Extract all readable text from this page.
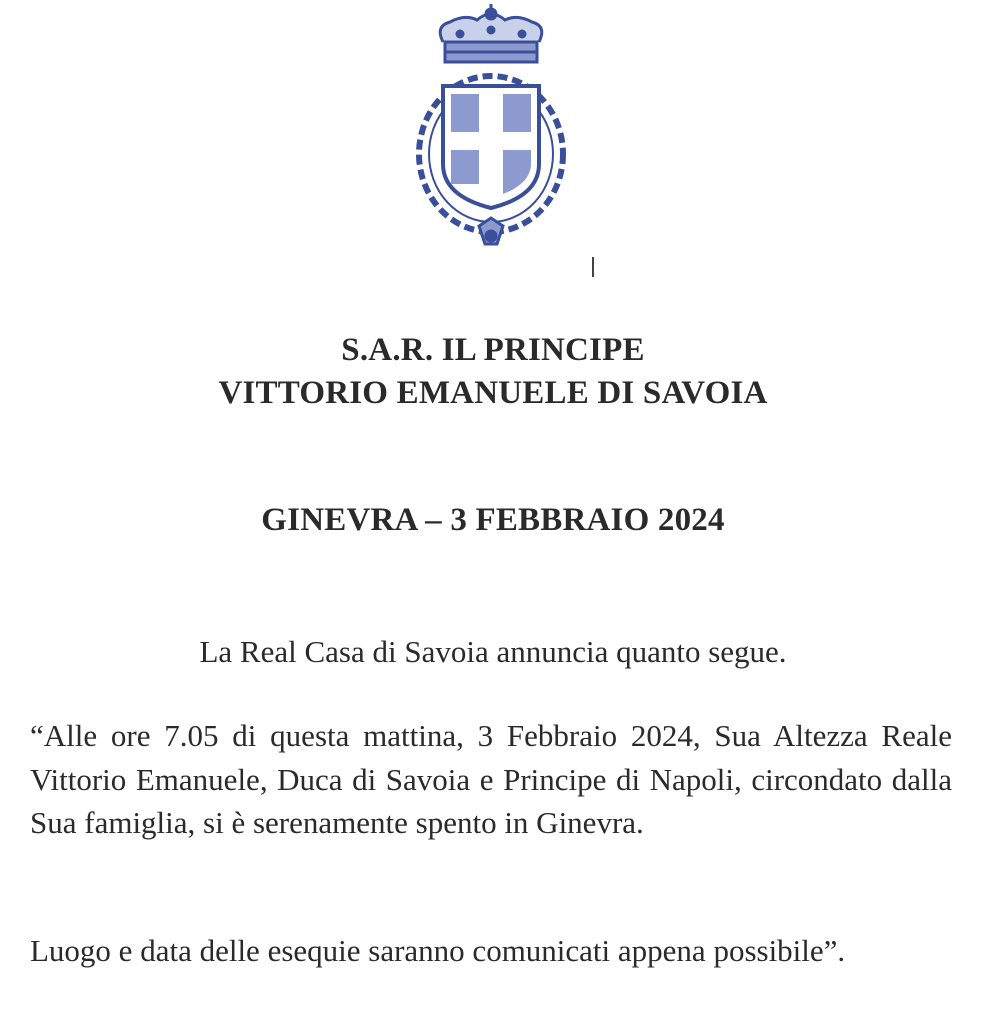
S.A.R. IL PRINCIPE
VITTORIO EMANUELE DI SAVOIA
GINEVRA – 3 FEBBRAIO 2024
La Real Casa di Savoia annuncia quanto segue.

“Alle ore 7.05 di questa mattina, 3 Febbraio 2024, Sua Altezza Reale Vittorio Emanuele, Duca di Savoia e Principe di Napoli, circondato dalla Sua famiglia, si è serenamente spento in Ginevra.

Luogo e data delle esequie saranno comunicati appena possibile”.
